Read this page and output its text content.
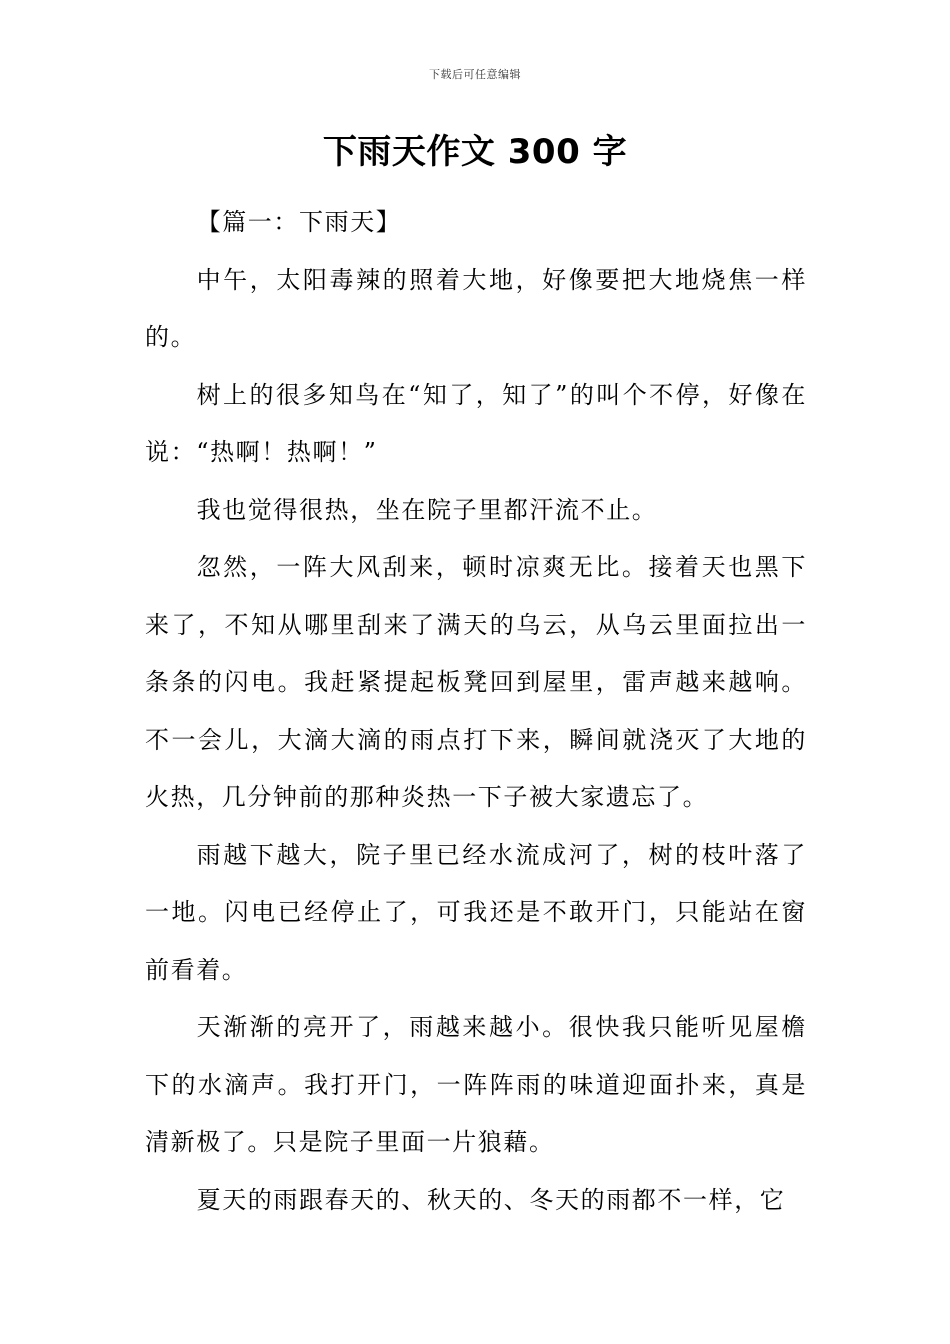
下载后可任意编辑
下雨天作文 300 字

【篇一：下雨天】

中午，太阳毒辣的照着大地，好像要把大地烧焦一样的。

树上的很多知鸟在“知了，知了”的叫个不停，好像在说：“热啊！热啊！”

我也觉得很热，坐在院子里都汗流不止。

忽然，一阵大风刮来，顿时凉爽无比。接着天也黑下来了，不知从哪里刮来了满天的乌云，从乌云里面拉出一条条的闪电。我赶紧提起板凳回到屋里，雷声越来越响。不一会儿，大滴大滴的雨点打下来，瞬间就浇灭了大地的火热，几分钟前的那种炎热一下子被大家遗忘了。

雨越下越大，院子里已经水流成河了，树的枝叶落了一地。闪电已经停止了，可我还是不敢开门，只能站在窗前看着。

天渐渐的亮开了，雨越来越小。很快我只能听见屋檐下的水滴声。我打开门，一阵阵雨的味道迎面扑来，真是清新极了。只是院子里面一片狼藉。

夏天的雨跟春天的、秋天的、冬天的雨都不一样，它
